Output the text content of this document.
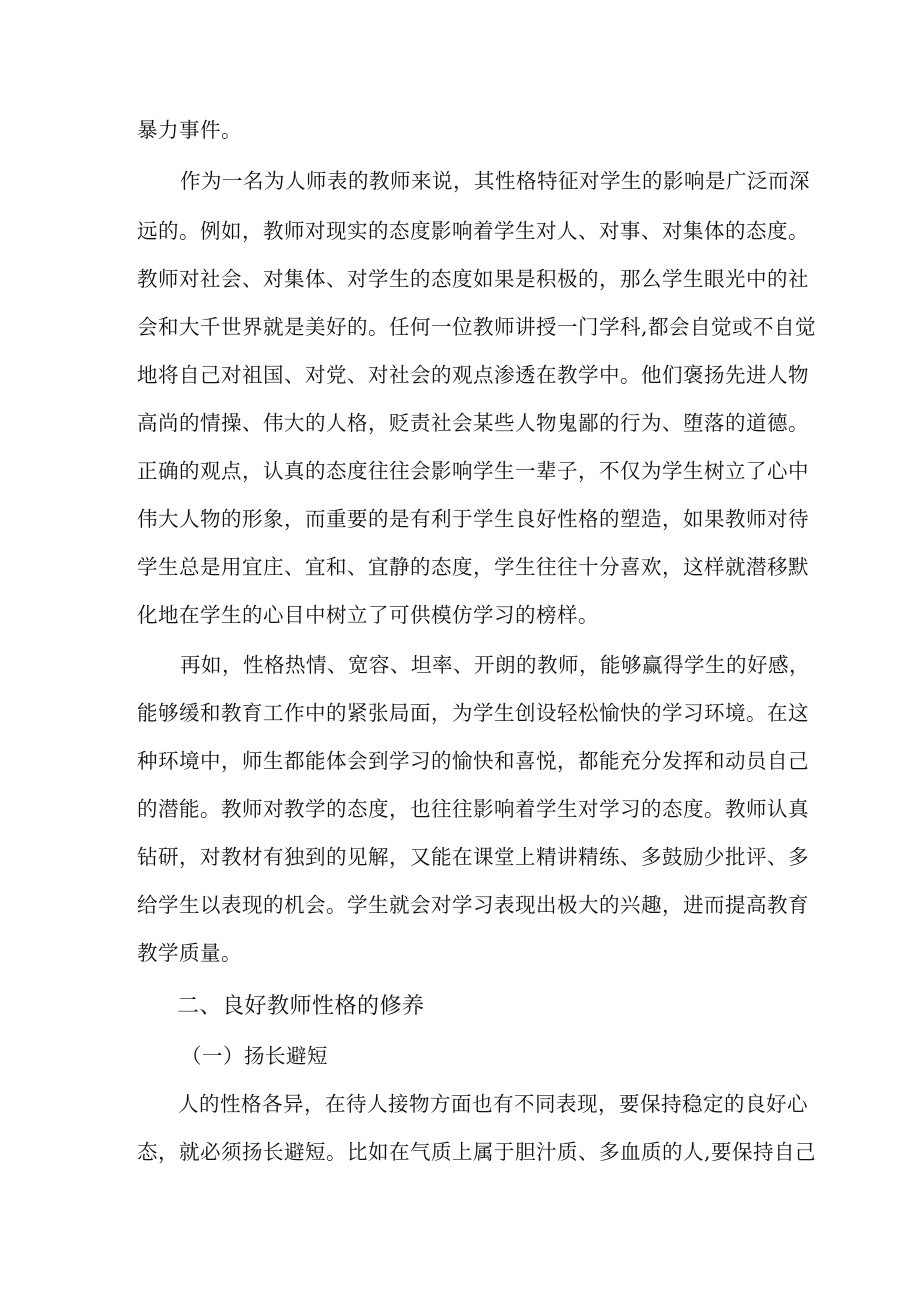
暴力事件。
作为一名为人师表的教师来说，其性格特征对学生的影响是广泛而深
远的。例如，教师对现实的态度影响着学生对人、对事、对集体的态度。
教师对社会、对集体、对学生的态度如果是积极的，那么学生眼光中的社
会和大千世界就是美好的。任何一位教师讲授一门学科,都会自觉或不自觉
地将自己对祖国、对党、对社会的观点渗透在教学中。他们褒扬先进人物
高尚的情操、伟大的人格，贬责社会某些人物鬼鄙的行为、堕落的道德。
正确的观点，认真的态度往往会影响学生一辈子，不仅为学生树立了心中
伟大人物的形象，而重要的是有利于学生良好性格的塑造，如果教师对待
学生总是用宜庄、宜和、宜静的态度，学生往往十分喜欢，这样就潜移默
化地在学生的心目中树立了可供模仿学习的榜样。
再如，性格热情、宽容、坦率、开朗的教师，能够赢得学生的好感，
能够缓和教育工作中的紧张局面，为学生创设轻松愉快的学习环境。在这
种环境中，师生都能体会到学习的愉快和喜悦，都能充分发挥和动员自己
的潜能。教师对教学的态度，也往往影响着学生对学习的态度。教师认真
钻研，对教材有独到的见解，又能在课堂上精讲精练、多鼓励少批评、多
给学生以表现的机会。学生就会对学习表现出极大的兴趣，进而提高教育
教学质量。
二、良好教师性格的修养
（一）扬长避短
人的性格各异，在待人接物方面也有不同表现，要保持稳定的良好心
态，就必须扬长避短。比如在气质上属于胆汁质、多血质的人,要保持自己
